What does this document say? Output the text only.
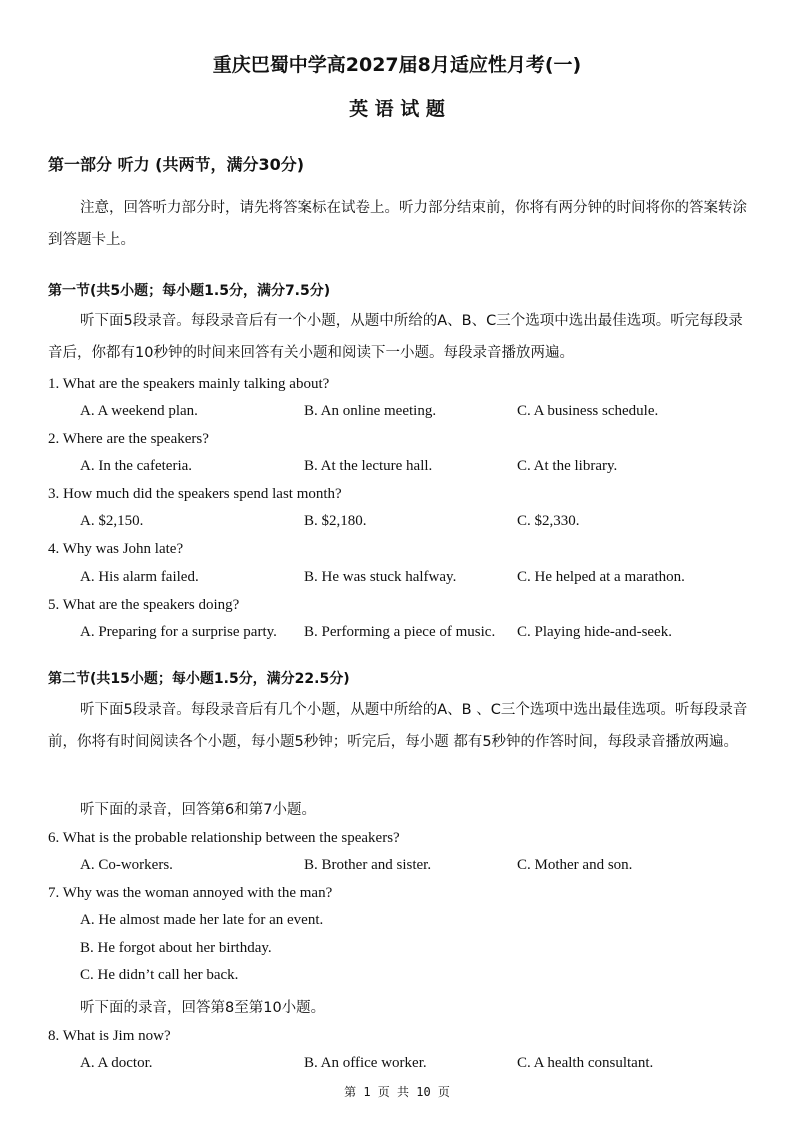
重庆巴蜀中学高2027届8月适应性月考(一)
英 语 试 题
第一部分 听力 (共两节，满分30分)
注意，回答听力部分时，请先将答案标在试卷上。听力部分结束前，你将有两分钟的时间将你的答案转涂到答题卡上。
第一节(共5小题；每小题1.5分，满分7.5分)
听下面5段录音。每段录音后有一个小题，从题中所给的A、B、C三个选项中选出最佳选项。听完每段录音后，你都有10秒钟的时间来回答有关小题和阅读下一小题。每段录音播放两遍。
1. What are the speakers mainly talking about?
A. A weekend plan.	B. An online meeting.	C. A business schedule.
2. Where are the speakers?
A. In the cafeteria.	B. At the lecture hall.	C. At the library.
3. How much did the speakers spend last month?
A. $2,150.	B. $2,180.	C. $2,330.
4. Why was John late?
A. His alarm failed.	B. He was stuck halfway.	C. He helped at a marathon.
5. What are the speakers doing?
A. Preparing for a surprise party. B. Performing a piece of music. C. Playing hide-and-seek.
第二节(共15小题；每小题1.5分，满分22.5分)
听下面5段录音。每段录音后有几个小题，从题中所给的A、B 、C三个选项中选出最佳选项。听每段录音前，你将有时间阅读各个小题，每小题5秒钟；听完后，每小题 都有5秒钟的作答时间，每段录音播放两遍。
听下面的录音，回答第6和第7小题。
6. What is the probable relationship between the speakers?
A. Co-workers.	B. Brother and sister.	C. Mother and son.
7. Why was the woman annoyed with the man?
A. He almost made her late for an event.
B. He forgot about her birthday.
C. He didn’t call her back.
听下面的录音，回答第8至第10小题。
8. What is Jim now?
A. A doctor.	B. An office worker.	C. A health consultant.
第 1 页 共 10 页
